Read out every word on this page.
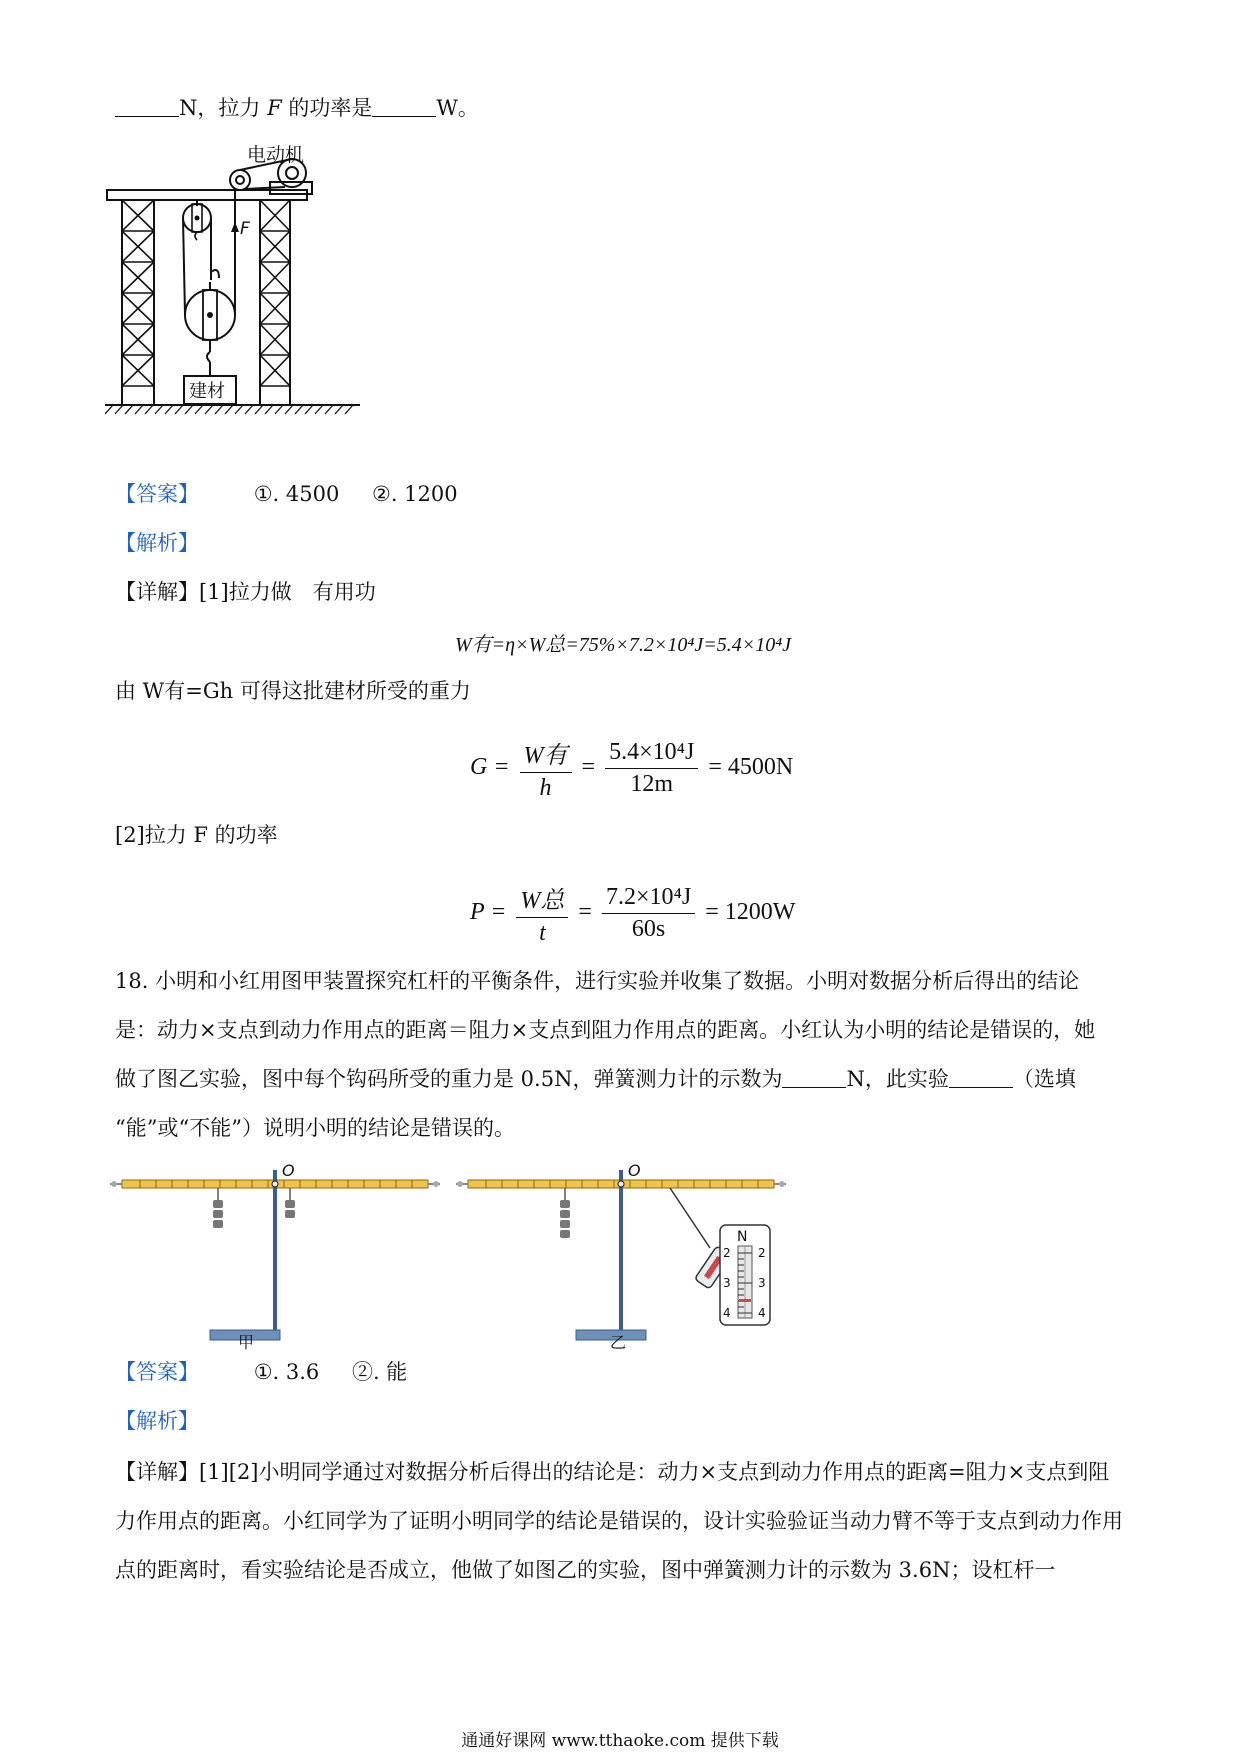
N，拉力 F 的功率是	W。
电动机
F
建材
【答案】	①. 4500 ②. 1200
【解析】
【详解】[1]拉力做　有用功
W有=η×W总=75%×7.2×10⁴J=5.4×10⁴J
由 W有=Gh 可得这批建材所受的重力
$G = \frac{\text{W有}}{h} = \frac{\text{5.4×10⁴J}}{12m} = 4500N$
[2]拉力 F 的功率
$P = \frac{\text{W总}}{t} = \frac{\text{7.2×10⁴J}}{60s} = 1200W$
18. 小明和小红用图甲装置探究杠杆的平衡条件，进行实验并收集了数据。小明对数据分析后得出的结论
是：动力×支点到动力作用点的距离＝阻力×支点到阻力作用点的距离。小红认为小明的结论是错误的，她
做了图乙实验，图中每个钩码所受的重力是 0.5N，弹簧测力计的示数为	N，此实验	（选填
“能”或“不能”）说明小明的结论是错误的。
O
甲
O
N
2
3
4
2
3
4
乙
【答案】	①. 3.6 ②. 能
【解析】
【详解】[1][2]小明同学通过对数据分析后得出的结论是：动力×支点到动力作用点的距离=阻力×支点到阻力作用点的距离。小红同学为了证明小明同学的结论是错误的，设计实验验证当动力臂不等于支点到动力作用点的距离时，看实验结论是否成立，他做了如图乙的实验，图中弹簧测力计的示数为 3.6N；设杠杆一
通通好课网 www.tthaoke.com 提供下载
